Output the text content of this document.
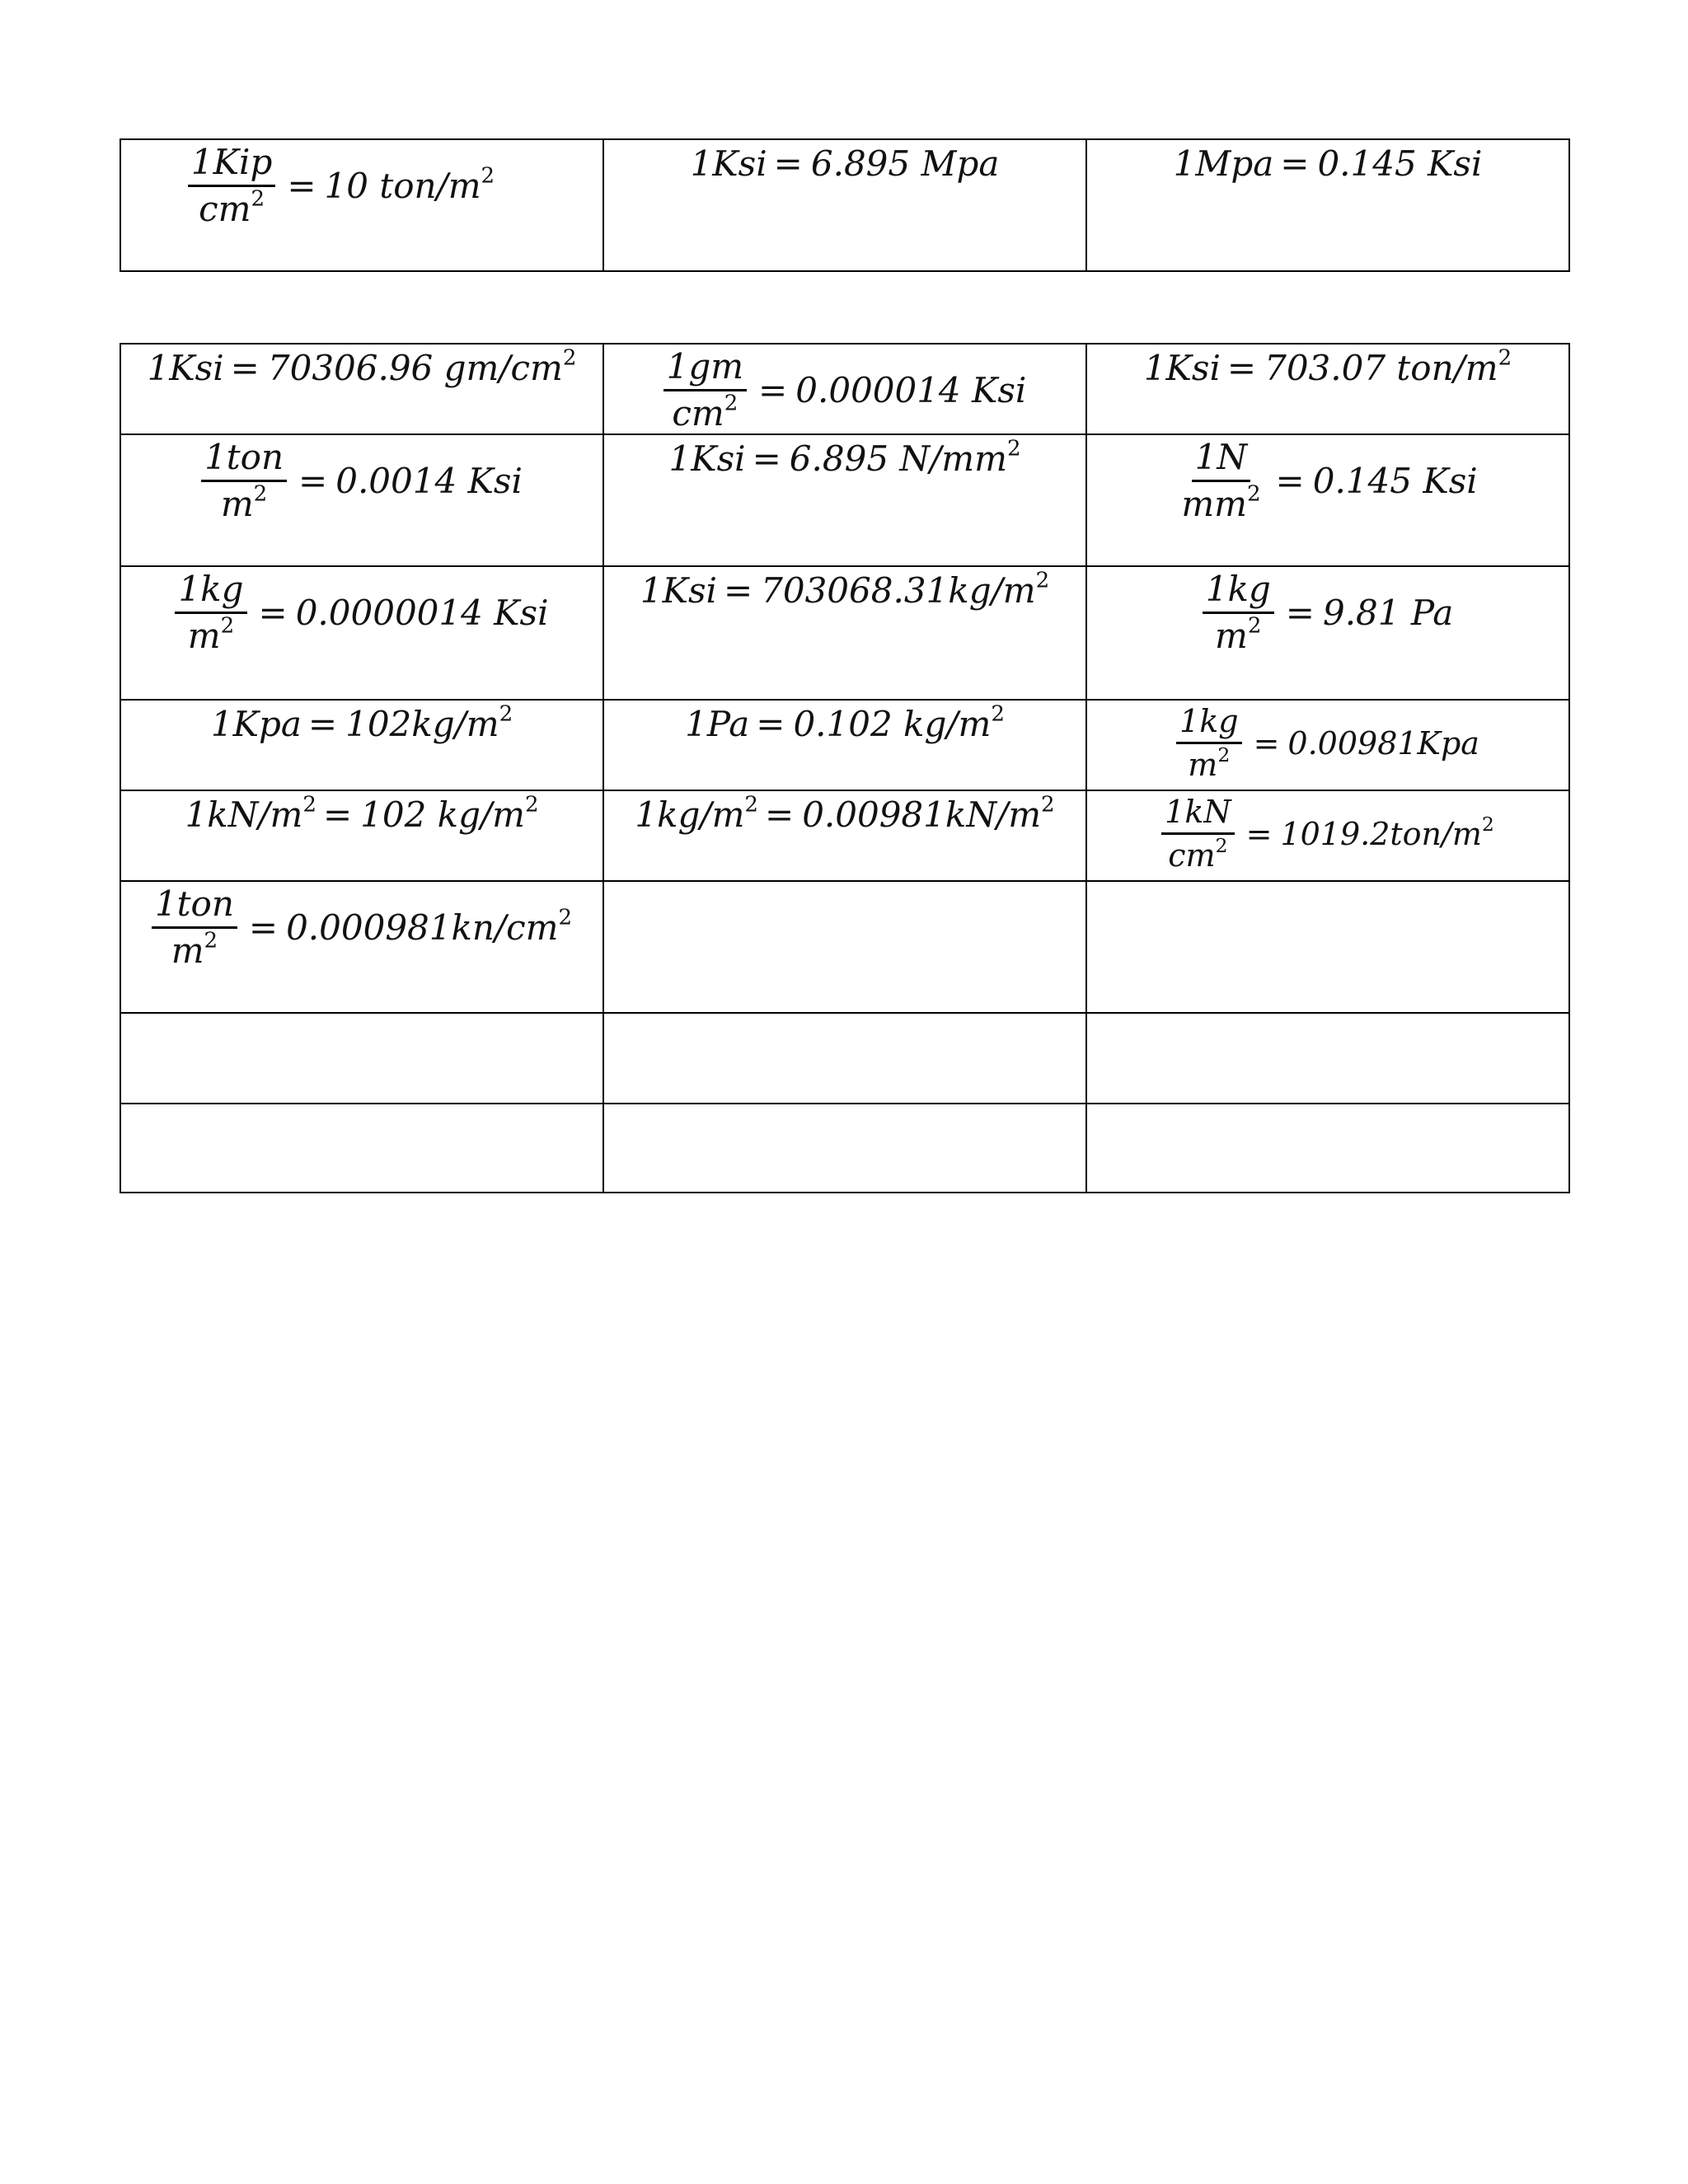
$\frac{\text{1Kip}}{cm^2} = 10$ ton/$m^2$	1Ksi = 6.895 Mpa	1Mpa = 0.145 Ksi
1Ksi = 70306.96 $gm/cm^2$	$\frac{1gm}{cm^2} = 0.000014$ Ksi	1Ksi = 703.07 ton/$m^2$

$\frac{\text{1ton}}{m^2} = 0.0014$ Ksi	1Ksi = 6.895 $N/mm^2$	$\frac{1N}{mm^2} = 0.145$ Ksi

$\frac{1kg}{m^2} = 0.0000014$ Ksi	$1Ksi = 703068.31kg/m^2$	$\frac{1kg}{m^2} = 9.81$ Pa

$1Kpa = 102kg/m^2$	1Pa = 0.102 $kg/m^2$	$\frac{1kg}{m^2} = 0.00981Kpa$

$1kN/m^2 = 102$ $kg/m^2$	$1kg/m^2 = 0.00981kN/m^2$	$\frac{1kN}{cm^2} = 1019.2ton/m^2$

$\frac{\text{1ton}}{m^2} = 0.000981kn/cm^2$
